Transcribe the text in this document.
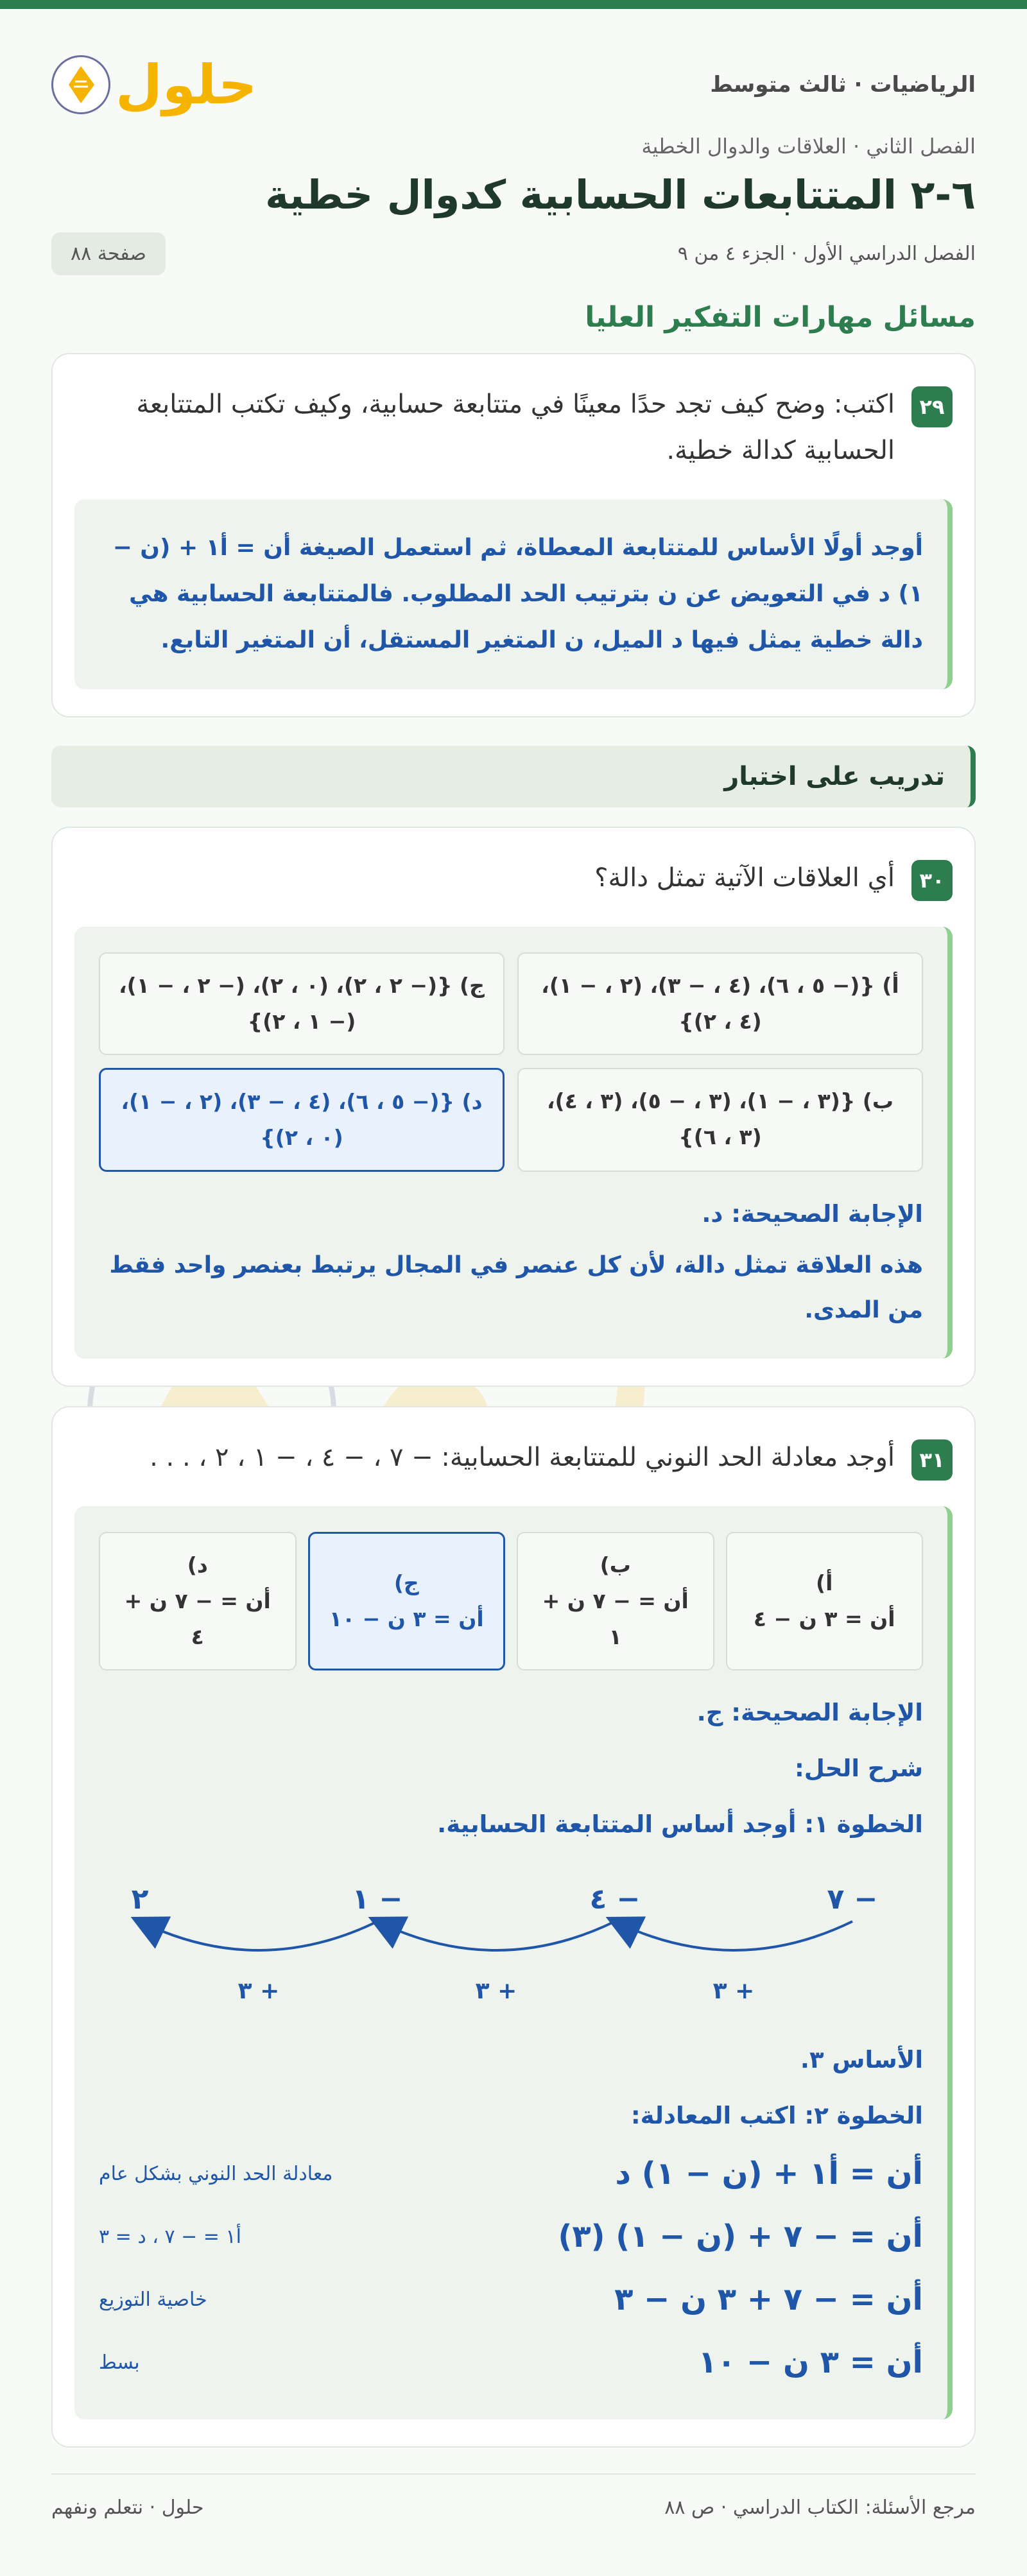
الرياضيات · ثالث متوسط
حلول
الفصل الثاني · العلاقات والدوال الخطية
٦-٢ المتتابعات الحسابية كدوال خطية
الفصل الدراسي الأول · الجزء ٤ من ٩
صفحة ٨٨
مسائل مهارات التفكير العليا
٢٩
اكتب: وضح كيف تجد حدًا معينًا في متتابعة حسابية، وكيف تكتب المتتابعة الحسابية كدالة خطية.

أوجد أولًا الأساس للمتتابعة المعطاة، ثم استعمل الصيغة أن = أ١ + (ن − ١) د في التعويض عن ن بترتيب الحد المطلوب. فالمتتابعة الحسابية هي دالة خطية يمثل فيها د الميل، ن المتغير المستقل، أن المتغير التابع.

تدريب على اختبار
٣٠
أي العلاقات الآتية تمثل دالة؟
أ) {(− ٥ ، ٦)، (٤ ، − ٣)، (٢ ، − ١)، (٤ ، ٢)}
ج) {(− ٢ ، ٢)، (٠ ، ٢)، (− ٢ ، − ١)، (− ١ ، ٢)}
ب) {(٣ ، − ١)، (٣ ، − ٥)، (٣ ، ٤)، (٣ ، ٦)}
د) {(− ٥ ، ٦)، (٤ ، − ٣)، (٢ ، − ١)، (٠ ، ٢)}
الإجابة الصحيحة: د.
هذه العلاقة تمثل دالة، لأن كل عنصر في المجال يرتبط بعنصر واحد فقط من المدى.
٣١
أوجد معادلة الحد النوني للمتتابعة الحسابية: − ٧ ، − ٤ ، − ١ ، ٢ ، . . .
أ)
أن = ٣ ن − ٤
ب)
أن = − ٧ ن + ١
ج)
أن = ٣ ن − ١٠
د)
أن = − ٧ ن + ٤
الإجابة الصحيحة: ج.
شرح الحل:
الخطوة ١: أوجد أساس المتتابعة الحسابية.
− ٧
− ٤
− ١
٢
+ ٣
+ ٣
+ ٣
الأساس ٣.
الخطوة ٢: اكتب المعادلة:
أن = أ١ + (ن − ١) د
معادلة الحد النوني بشكل عام
أن = − ٧ + (ن − ١) (٣)
أ١ = − ٧ ، د = ٣
أن = − ٧ + ٣ ن − ٣
خاصية التوزيع
أن = ٣ ن − ١٠
بسط
مرجع الأسئلة: الكتاب الدراسي · ص ٨٨
حلول · نتعلم ونفهم
